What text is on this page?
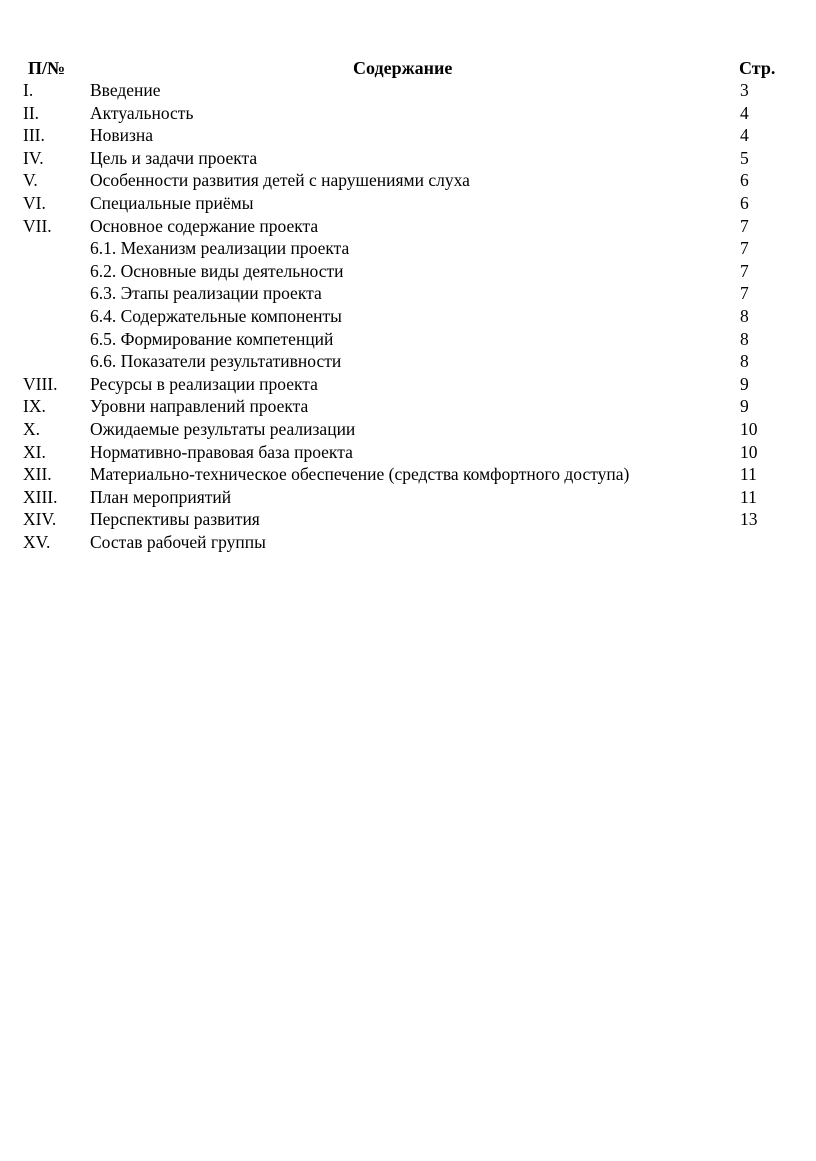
П/№	Содержание	Стр.
I.	Введение	3
II.	Актуальность	4
III.	Новизна	4
IV.	Цель и задачи проекта	5
V.	Особенности развития детей с нарушениями слуха	6
VI.	Специальные приёмы	6
VII. Основное содержание проекта	7
6.1. Механизм реализации проекта	7
6.2. Основные виды деятельности	7
6.3. Этапы реализации проекта	7
6.4. Содержательные компоненты	8
6.5. Формирование компетенций	8
6.6. Показатели результативности	8
VIII. Ресурсы в реализации проекта	9
IX.	Уровни направлений проекта	9
X.	Ожидаемые результаты реализации	10
XI.	Нормативно-правовая база проекта	10
XII. Материально-техническое обеспечение (средства комфортного доступа)	11
XIII. План мероприятий	11
XIV. Перспективы развития	13
XV. Состав рабочей группы
